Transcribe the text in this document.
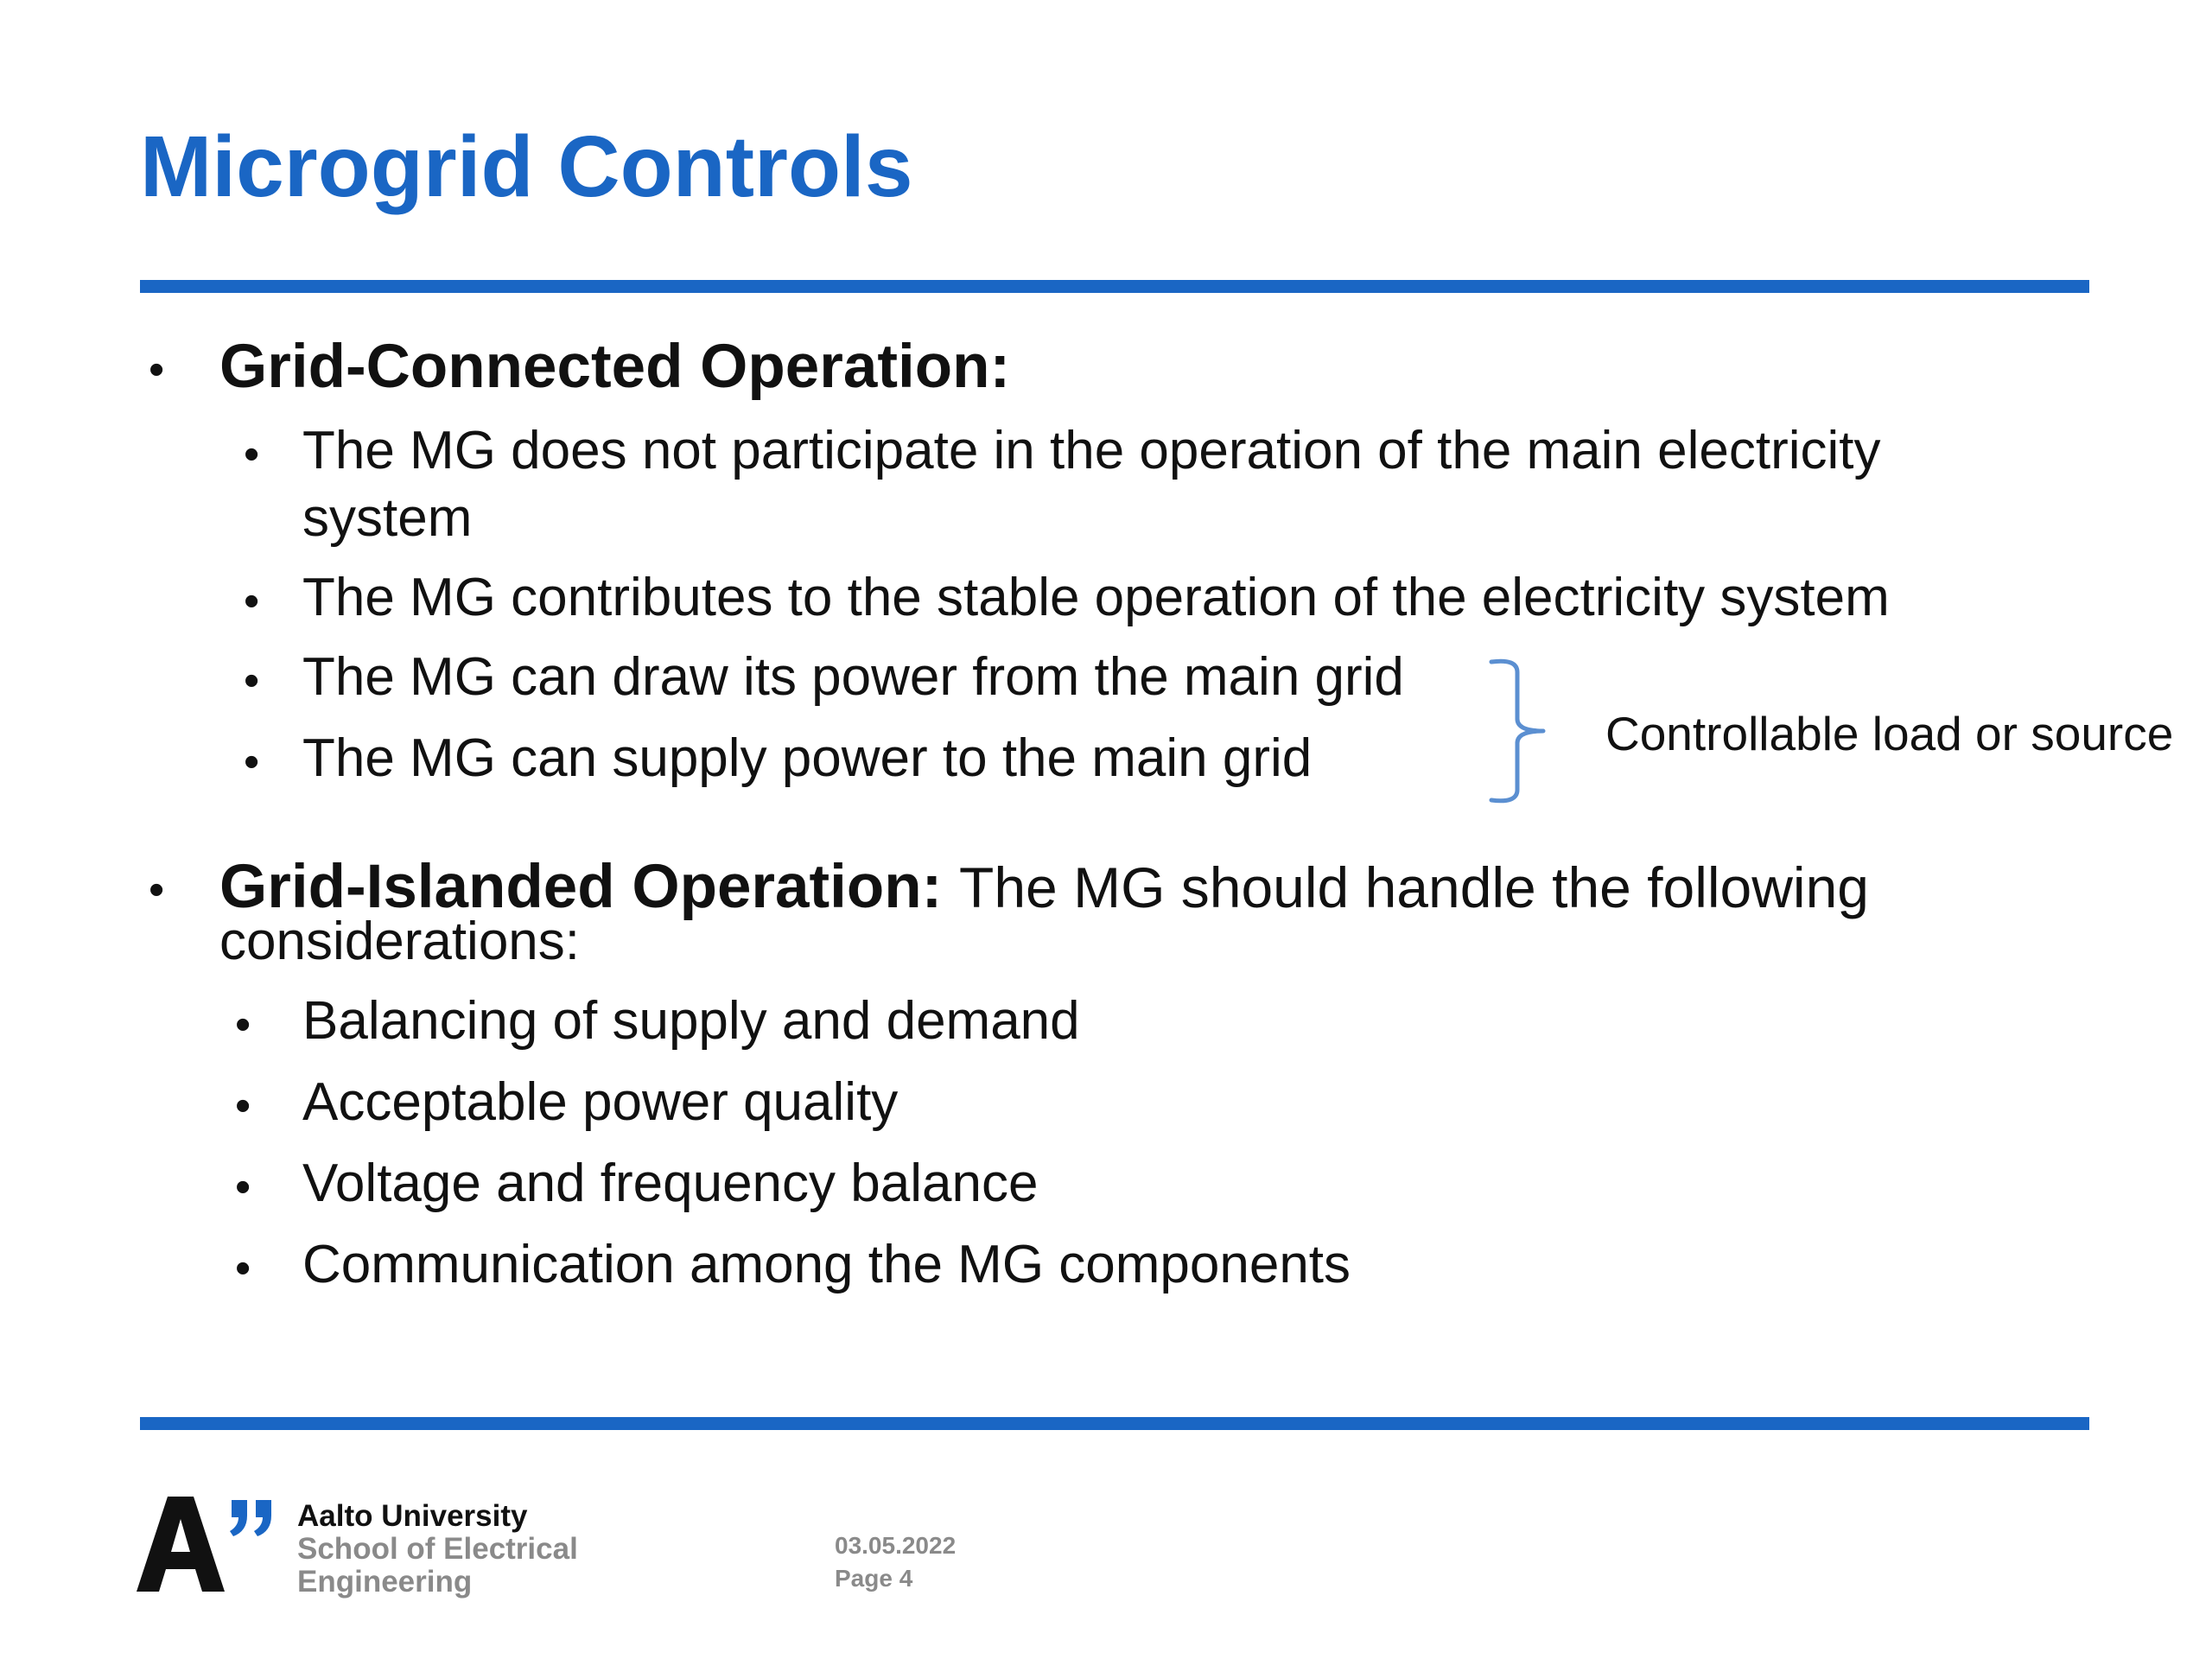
Microgrid Controls
• Grid-Connected Operation:
• The MG does not participate in the operation of the main electricity
system
• The MG contributes to the stable operation of the electricity system
• The MG can draw its power from the main grid
• The MG can supply power to the main grid	Controllable load or source
• Grid-Islanded Operation: The MG should handle the following
considerations:
• Balancing of supply and demand
• Acceptable power quality
• Voltage and frequency balance
• Communication among the MG components
Aalto University
School of Electrical
Engineering
03.05.2022
Page 4
